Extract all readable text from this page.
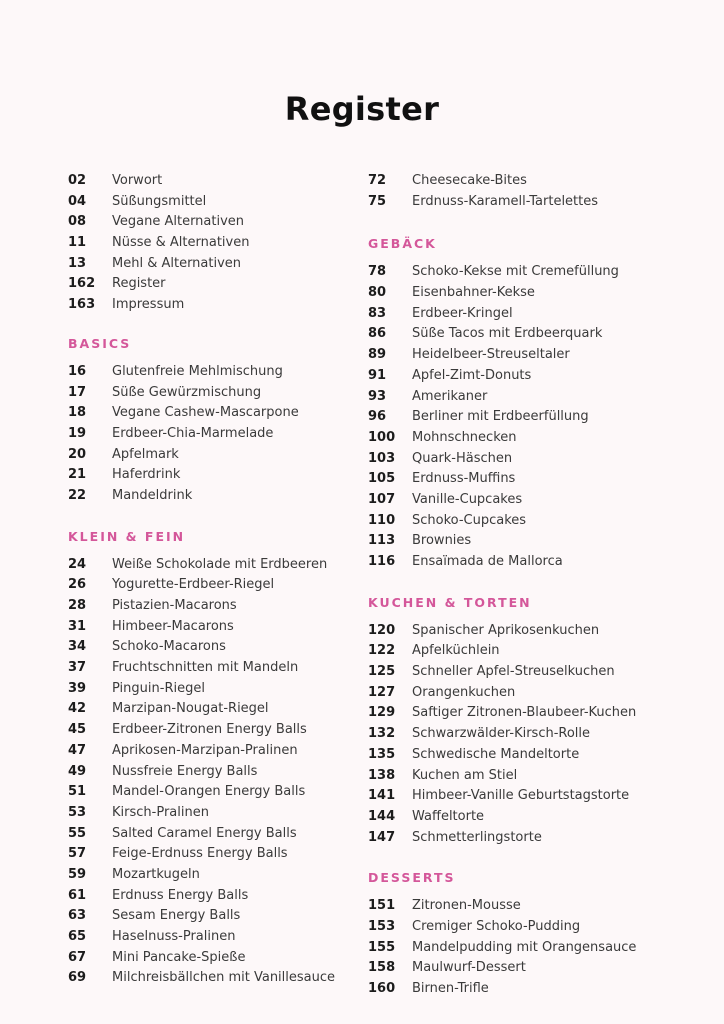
Register
02 Vorwort
04 Süßungsmittel
08 Vegane Alternativen
11 Nüsse & Alternativen
13 Mehl & Alternativen
162 Register
163 Impressum
BASICS
16 Glutenfreie Mehlmischung
17 Süße Gewürzmischung
18 Vegane Cashew-Mascarpone
19 Erdbeer-Chia-Marmelade
20 Apfelmark
21 Haferdrink
22 Mandeldrink
KLEIN & FEIN
24 Weiße Schokolade mit Erdbeeren
26 Yogurette-Erdbeer-Riegel
28 Pistazien-Macarons
31 Himbeer-Macarons
34 Schoko-Macarons
37 Fruchtschnitten mit Mandeln
39 Pinguin-Riegel
42 Marzipan-Nougat-Riegel
45 Erdbeer-Zitronen Energy Balls
47 Aprikosen-Marzipan-Pralinen
49 Nussfreie Energy Balls
51 Mandel-Orangen Energy Balls
53 Kirsch-Pralinen
55 Salted Caramel Energy Balls
57 Feige-Erdnuss Energy Balls
59 Mozartkugeln
61 Erdnuss Energy Balls
63 Sesam Energy Balls
65 Haselnuss-Pralinen
67 Mini Pancake-Spieße
69 Milchreisbällchen mit Vanillesauce
72 Cheesecake-Bites
75 Erdnuss-Karamell-Tartelettes
GEBÄCK
78 Schoko-Kekse mit Cremefüllung
80 Eisenbahner-Kekse
83 Erdbeer-Kringel
86 Süße Tacos mit Erdbeerquark
89 Heidelbeer-Streuseltaler
91 Apfel-Zimt-Donuts
93 Amerikaner
96 Berliner mit Erdbeerfüllung
100 Mohnschnecken
103 Quark-Häschen
105 Erdnuss-Muffins
107 Vanille-Cupcakes
110 Schoko-Cupcakes
113 Brownies
116 Ensaïmada de Mallorca
KUCHEN & TORTEN
120 Spanischer Aprikosenkuchen
122 Apfelküchlein
125 Schneller Apfel-Streuselkuchen
127 Orangenkuchen
129 Saftiger Zitronen-Blaubeer-Kuchen
132 Schwarzwälder-Kirsch-Rolle
135 Schwedische Mandeltorte
138 Kuchen am Stiel
141 Himbeer-Vanille Geburtstagstorte
144 Waffeltorte
147 Schmetterlingstorte
DESSERTS
151 Zitronen-Mousse
153 Cremiger Schoko-Pudding
155 Mandelpudding mit Orangensauce
158 Maulwurf-Dessert
160 Birnen-Trifle
